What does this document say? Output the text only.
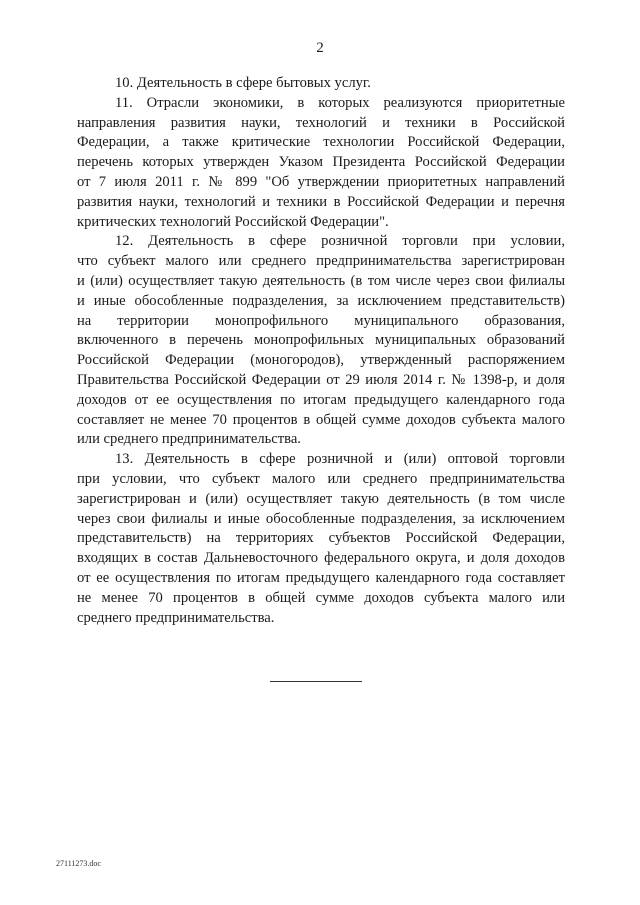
2
10. Деятельность в сфере бытовых услуг.
11. Отрасли экономики, в которых реализуются приоритетные
направления развития науки, технологий и техники в Российской
Федерации, а также критические технологии Российской Федерации,
перечень которых утвержден Указом Президента Российской Федерации
от 7 июля 2011 г. № 899 "Об утверждении приоритетных направлений
развития науки, технологий и техники в Российской Федерации и перечня
критических технологий Российской Федерации".
12. Деятельность в сфере розничной торговли при условии,
что субъект малого или среднего предпринимательства зарегистрирован
и (или) осуществляет такую деятельность (в том числе через свои филиалы
и иные обособленные подразделения, за исключением представительств)
на территории монопрофильного муниципального образования,
включенного в перечень монопрофильных муниципальных образований
Российской Федерации (моногородов), утвержденный распоряжением
Правительства Российской Федерации от 29 июля 2014 г. № 1398-р, и доля
доходов от ее осуществления по итогам предыдущего календарного года
составляет не менее 70 процентов в общей сумме доходов субъекта малого
или среднего предпринимательства.
13. Деятельность в сфере розничной и (или) оптовой торговли
при условии, что субъект малого или среднего предпринимательства
зарегистрирован и (или) осуществляет такую деятельность (в том числе
через свои филиалы и иные обособленные подразделения, за исключением
представительств) на территориях субъектов Российской Федерации,
входящих в состав Дальневосточного федерального округа, и доля доходов
от ее осуществления по итогам предыдущего календарного года составляет
не менее 70 процентов в общей сумме доходов субъекта малого или
среднего предпринимательства.
27111273.doc
